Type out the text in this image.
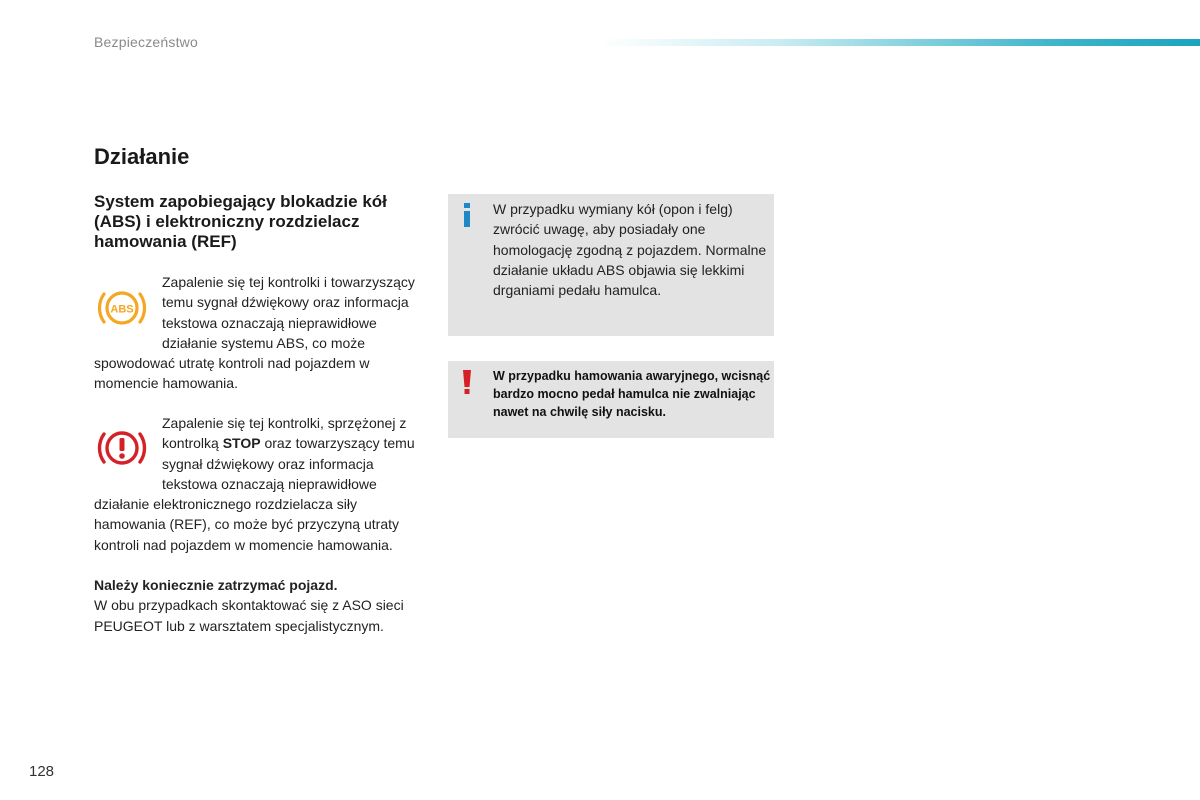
Bezpieczeństwo
Działanie
System zapobiegający blokadzie kół (ABS) i elektroniczny rozdzielacz hamowania (REF)
ABS

Zapalenie się tej kontrolki i towarzyszący temu sygnał dźwiękowy oraz informacja tekstowa oznaczają nieprawidłowe działanie systemu ABS, co może spowodować utratę kontroli nad pojazdem w momencie hamowania.

Zapalenie się tej kontrolki, sprzężonej z kontrolką STOP oraz towarzyszący temu sygnał dźwiękowy oraz informacja tekstowa oznaczają nieprawidłowe działanie elektronicznego rozdzielacza siły hamowania (REF), co może być przyczyną utraty kontroli nad pojazdem w momencie hamowania.

Należy koniecznie zatrzymać pojazd.

W obu przypadkach skontaktować się z ASO sieci PEUGEOT lub z warsztatem specjalistycznym.

W przypadku wymiany kół (opon i felg) zwrócić uwagę, aby posiadały one homologację zgodną z pojazdem. Normalne działanie układu ABS objawia się lekkimi drganiami pedału hamulca.

W przypadku hamowania awaryjnego, wcisnąć bardzo mocno pedał hamulca nie zwalniając nawet na chwilę siły nacisku.

128
